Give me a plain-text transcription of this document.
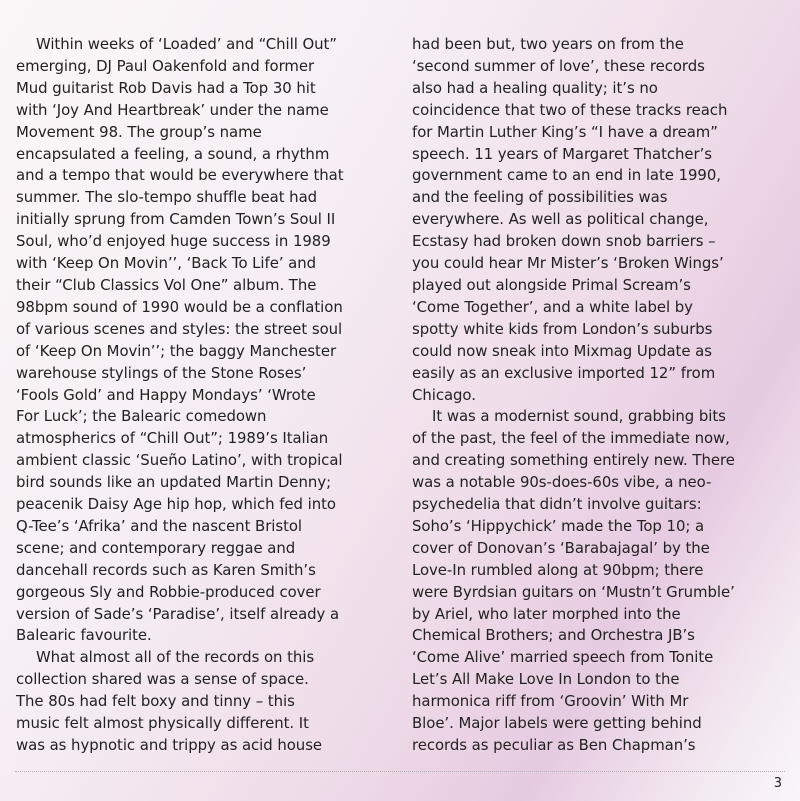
Within weeks of ‘Loaded’ and “Chill Out”
emerging, DJ Paul Oakenfold and former
Mud guitarist Rob Davis had a Top 30 hit
with ‘Joy And Heartbreak’ under the name
Movement 98. The group’s name
encapsulated a feeling, a sound, a rhythm
and a tempo that would be everywhere that
summer. The slo-tempo shuffle beat had
initially sprung from Camden Town’s Soul II
Soul, who’d enjoyed huge success in 1989
with ‘Keep On Movin’’, ‘Back To Life’ and
their “Club Classics Vol One” album. The
98bpm sound of 1990 would be a conflation
of various scenes and styles: the street soul
of ‘Keep On Movin’’; the baggy Manchester
warehouse stylings of the Stone Roses’
‘Fools Gold’ and Happy Mondays’ ‘Wrote
For Luck’; the Balearic comedown
atmospherics of “Chill Out”; 1989’s Italian
ambient classic ‘Sueño Latino’, with tropical
bird sounds like an updated Martin Denny;
peacenik Daisy Age hip hop, which fed into
Q-Tee’s ‘Afrika’ and the nascent Bristol
scene; and contemporary reggae and
dancehall records such as Karen Smith’s
gorgeous Sly and Robbie-produced cover
version of Sade’s ‘Paradise’, itself already a
Balearic favourite.

What almost all of the records on this
collection shared was a sense of space.
The 80s had felt boxy and tinny – this
music felt almost physically different. It
was as hypnotic and trippy as acid house

had been but, two years on from the
‘second summer of love’, these records
also had a healing quality; it’s no
coincidence that two of these tracks reach
for Martin Luther King’s “I have a dream”
speech. 11 years of Margaret Thatcher’s
government came to an end in late 1990,
and the feeling of possibilities was
everywhere. As well as political change,
Ecstasy had broken down snob barriers –
you could hear Mr Mister’s ‘Broken Wings’
played out alongside Primal Scream’s
‘Come Together’, and a white label by
spotty white kids from London’s suburbs
could now sneak into Mixmag Update as
easily as an exclusive imported 12” from
Chicago.

It was a modernist sound, grabbing bits
of the past, the feel of the immediate now,
and creating something entirely new. There
was a notable 90s-does-60s vibe, a neo-
psychedelia that didn’t involve guitars:
Soho’s ‘Hippychick’ made the Top 10; a
cover of Donovan’s ‘Barabajagal’ by the
Love-In rumbled along at 90bpm; there
were Byrdsian guitars on ‘Mustn’t Grumble’
by Ariel, who later morphed into the
Chemical Brothers; and Orchestra JB’s
‘Come Alive’ married speech from Tonite
Let’s All Make Love In London to the
harmonica riff from ‘Groovin’ With Mr
Bloe’. Major labels were getting behind
records as peculiar as Ben Chapman’s

3
